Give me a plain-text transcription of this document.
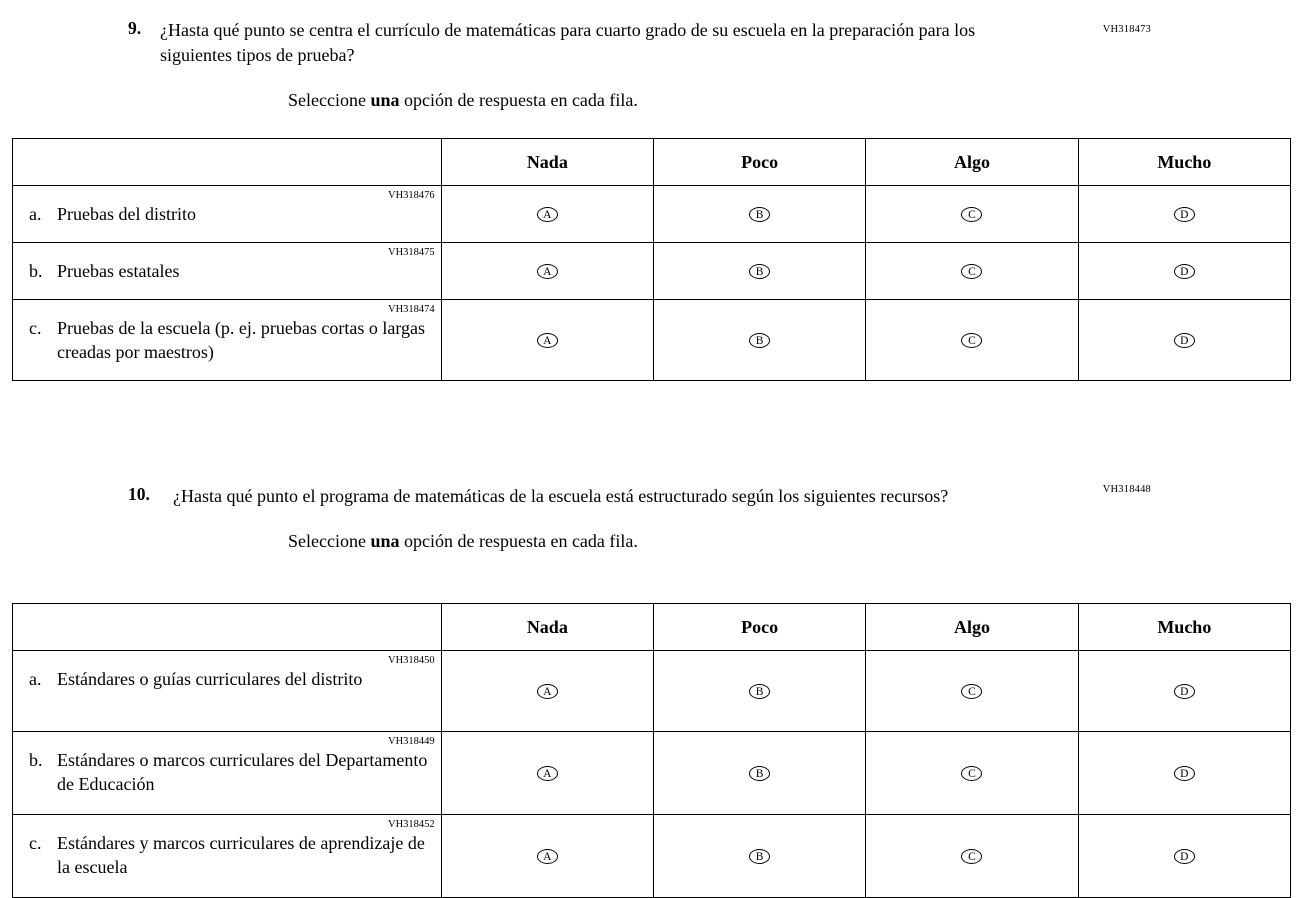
VH318473
9. ¿Hasta qué punto se centra el currículo de matemáticas para cuarto grado de su escuela en la preparación para los siguientes tipos de prueba?
Seleccione una opción de respuesta en cada fila.
	Nada	Poco	Algo	Mucho

VH318476
a. Pruebas del distrito	A	B	C	D

VH318475
b. Pruebas estatales	A	B	C	D

VH318474
c. Pruebas de la escuela (p. ej. pruebas cortas o largas creadas por maestros)	A	B	C	D
VH318448
10. ¿Hasta qué punto el programa de matemáticas de la escuela está estructurado según los siguientes recursos?
Seleccione una opción de respuesta en cada fila.
	Nada	Poco	Algo	Mucho

VH318450
a. Estándares o guías curriculares del distrito	A	B	C	D

VH318449
b. Estándares o marcos curriculares del Departamento de Educación	A	B	C	D

VH318452
c. Estándares y marcos curriculares de aprendizaje de la escuela	A	B	C	D
